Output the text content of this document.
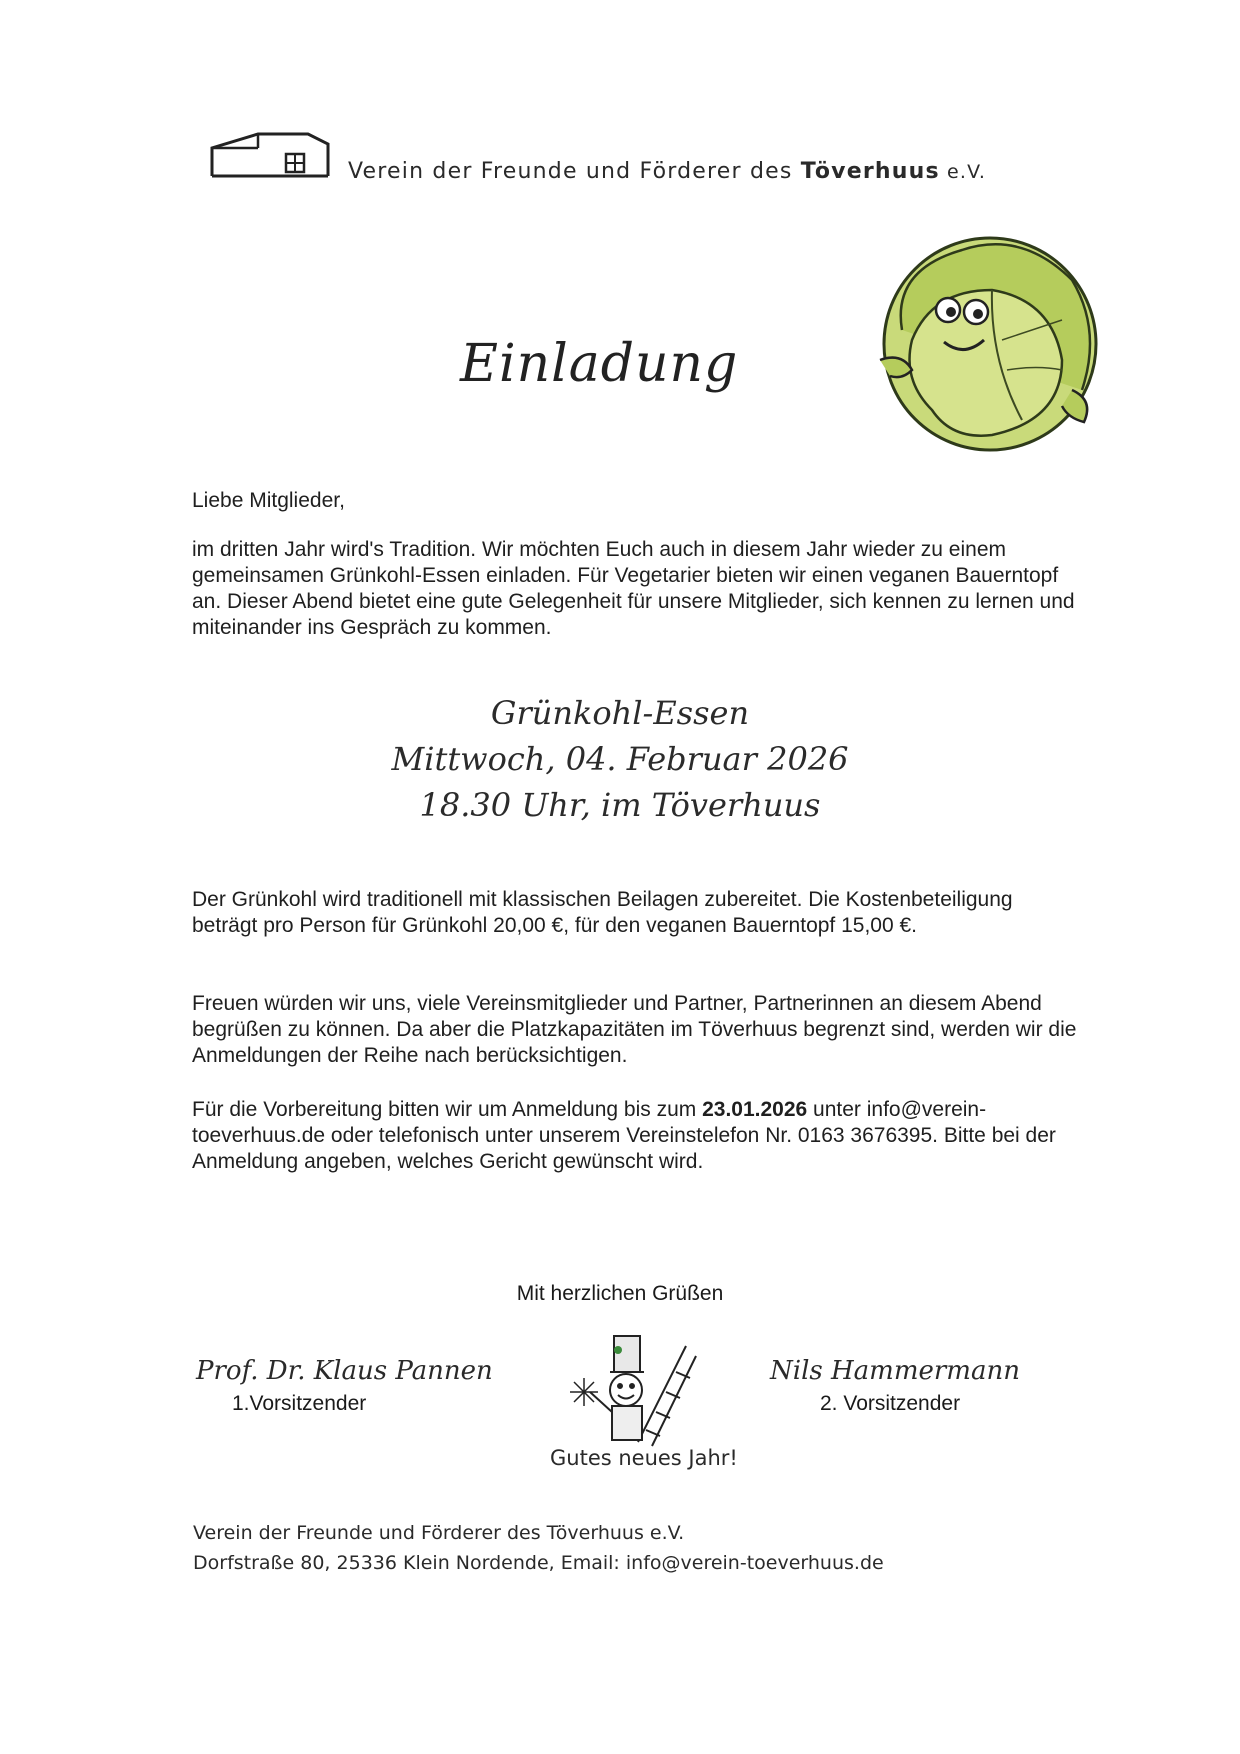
Verein der Freunde und Förderer des Töverhuus e.V.
Einladung
Liebe Mitglieder,
im dritten Jahr wird's Tradition. Wir möchten Euch auch in diesem Jahr wieder zu einem gemeinsamen Grünkohl-Essen einladen. Für Vegetarier bieten wir einen veganen Bauerntopf an. Dieser Abend bietet eine gute Gelegenheit für unsere Mitglieder, sich kennen zu lernen und miteinander ins Gespräch zu kommen.
Grünkohl-Essen
Mittwoch, 04. Februar 2026
18.30 Uhr, im Töverhuus
Der Grünkohl wird traditionell mit klassischen Beilagen zubereitet. Die Kostenbeteiligung beträgt pro Person für Grünkohl 20,00 €, für den veganen Bauerntopf 15,00 €.
Freuen würden wir uns, viele Vereinsmitglieder und Partner, Partnerinnen an diesem Abend begrüßen zu können. Da aber die Platzkapazitäten im Töverhuus begrenzt sind, werden wir die Anmeldungen der Reihe nach berücksichtigen.
Für die Vorbereitung bitten wir um Anmeldung bis zum 23.01.2026 unter info@verein-toeverhuus.de oder telefonisch unter unserem Vereinstelefon Nr. 0163 3676395. Bitte bei der Anmeldung angeben, welches Gericht gewünscht wird.
Mit herzlichen Grüßen
Prof. Dr. Klaus Pannen
1.Vorsitzender
Nils Hammermann
2. Vorsitzender
Gutes neues Jahr!
Verein der Freunde und Förderer des Töverhuus e.V.
Dorfstraße 80, 25336 Klein Nordende, Email: info@verein-toeverhuus.de
